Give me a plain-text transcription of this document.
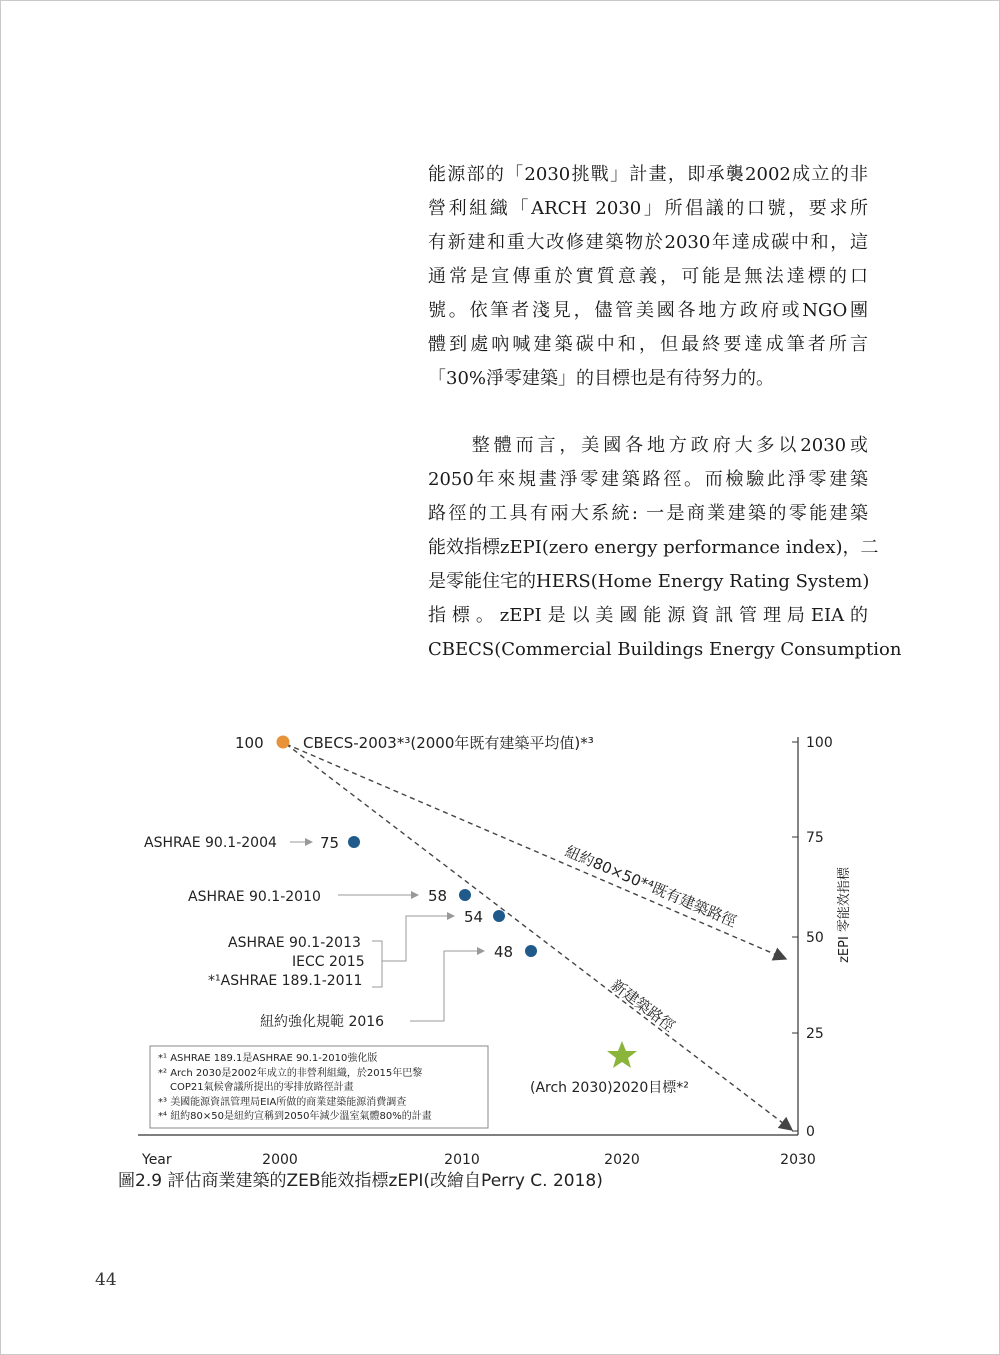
能源部的「2030挑戰」計畫，即承襲2002成立的非
營利組織「ARCH 2030」所倡議的口號，要求所
有新建和重大改修建築物於2030年達成碳中和，這
通常是宣傳重於實質意義，可能是無法達標的口
號。依筆者淺見，儘管美國各地方政府或NGO團
體到處吶喊建築碳中和，但最終要達成筆者所言
「30%淨零建築」的目標也是有待努力的。

　　整體而言，美國各地方政府大多以2030或
2050年來規畫淨零建築路徑。而檢驗此淨零建築
路徑的工具有兩大系統: 一是商業建築的零能建築
能效指標zEPI(zero energy performance index)，二
是零能住宅的HERS(Home Energy Rating System)
指標。zEPI是以美國能源資訊管理局EIA的
CBECS(Commercial Buildings Energy Consumption

100
75
50
25
0
zEPI 零能效指標
Year	2000	2010	2020	2030
紐約80×50*⁴既有建築路徑
新建築路徑
100	CBECS-2003*³(2000年既有建築平均值)*³
ASHRAE 90.1-2004	75
ASHRAE 90.1-2010	58
ASHRAE 90.1-2013
IECC 2015
*¹ASHRAE 189.1-2011
54
紐約強化規範 2016
48
(Arch 2030)2020目標*²
*¹ ASHRAE 189.1是ASHRAE 90.1-2010強化版
*² Arch 2030是2002年成立的非營利組織，於2015年巴黎
COP21氣候會議所提出的零排放路徑計畫
*³ 美國能源資訊管理局EIA所做的商業建築能源消費調查
*⁴ 紐約80×50是紐約宣稱到2050年減少溫室氣體80%的計畫
圖2.9 評估商業建築的ZEB能效指標zEPI(改繪自Perry C. 2018)
44
